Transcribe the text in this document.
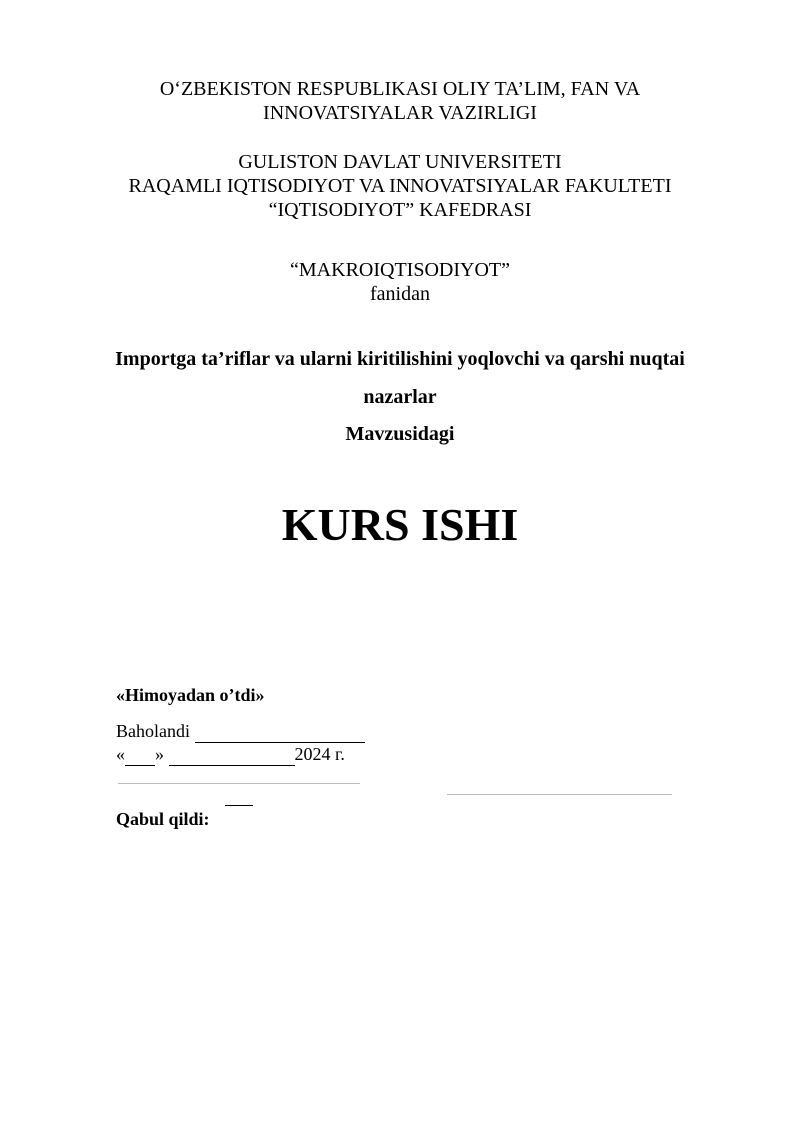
O‘ZBEKISTON RESPUBLIKASI OLIY TA’LIM, FAN VA
INNOVATSIYALAR VAZIRLIGI
GULISTON DAVLAT UNIVERSITETI
RAQAMLI IQTISODIYOT VA INNOVATSIYALAR FAKULTETI
“IQTISODIYOT” KAFEDRASI
“MAKROIQTISODIYOT”
fanidan
Importga ta’riflar va ularni kiritilishini yoqlovchi va qarshi nuqtai
nazarlar
Mavzusidagi
KURS ISHI
«Himoyadan o’tdi»
Baholandi
« »	2024 г.
Qabul qildi:
